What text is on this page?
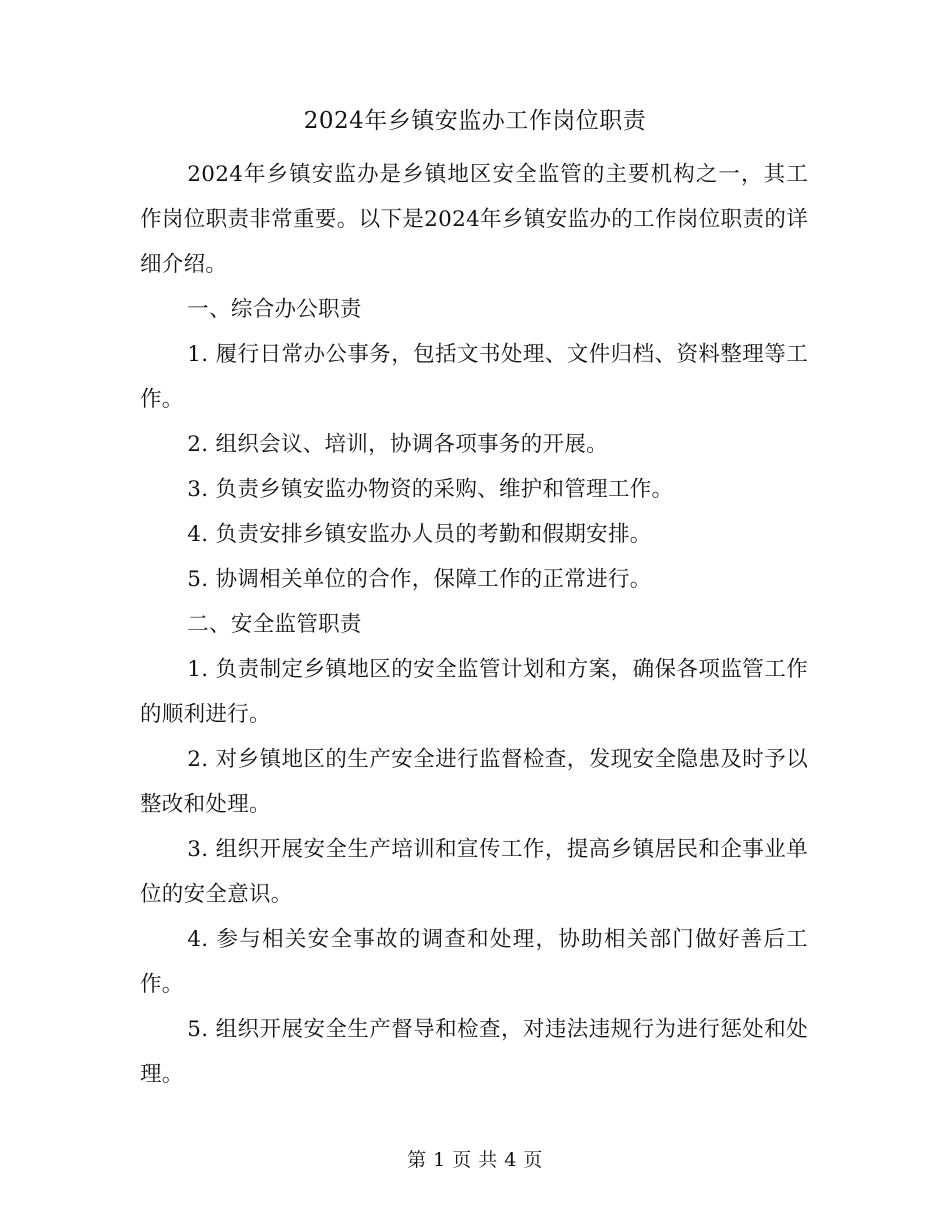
2024年乡镇安监办工作岗位职责

2024年乡镇安监办是乡镇地区安全监管的主要机构之一，其工作岗位职责非常重要。以下是2024年乡镇安监办的工作岗位职责的详细介绍。

一、综合办公职责

1. 履行日常办公事务，包括文书处理、文件归档、资料整理等工作。

2. 组织会议、培训，协调各项事务的开展。

3. 负责乡镇安监办物资的采购、维护和管理工作。

4. 负责安排乡镇安监办人员的考勤和假期安排。

5. 协调相关单位的合作，保障工作的正常进行。

二、安全监管职责

1. 负责制定乡镇地区的安全监管计划和方案，确保各项监管工作的顺利进行。

2. 对乡镇地区的生产安全进行监督检查，发现安全隐患及时予以整改和处理。

3. 组织开展安全生产培训和宣传工作，提高乡镇居民和企事业单位的安全意识。

4. 参与相关安全事故的调查和处理，协助相关部门做好善后工作。

5. 组织开展安全生产督导和检查，对违法违规行为进行惩处和处理。

第 1 页 共 4 页
